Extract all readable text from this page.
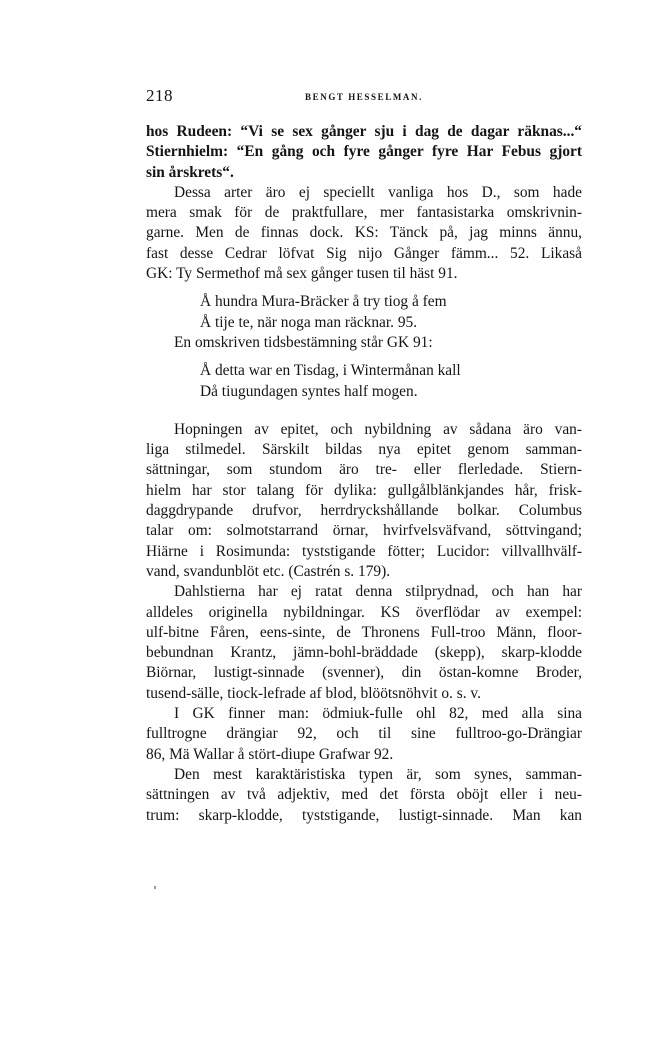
218	BENGT HESSELMAN.
hos Rudeen: “Vi se sex gånger sju i dag de dagar räknas...“
Stiernhielm: “En gång och fyre gånger fyre Har Febus gjort
sin årskrets“.
Dessa arter äro ej speciellt vanliga hos D., som hade
mera smak för de praktfullare, mer fantasistarka omskrivnin-
garne. Men de finnas dock. KS: Tänck på, jag minns ännu,
fast desse Cedrar löfvat Sig nijo Gånger fämm... 52. Likaså
GK: Ty Sermethof må sex gånger tusen til häst 91.
Å hundra Mura-Bräcker å try tiog å fem
Å tije te, när noga man räcknar. 95.
En omskriven tidsbestämning står GK 91:
Å detta war en Tisdag, i Wintermånan kall
Då tiugundagen syntes half mogen.
Hopningen av epitet, och nybildning av sådana äro van-
liga stilmedel. Särskilt bildas nya epitet genom samman-
sättningar, som stundom äro tre- eller flerledade. Stiern-
hielm har stor talang för dylika: gullgålblänkjandes hår, frisk-
daggdrypande drufvor, herrdryckshållande bolkar. Columbus
talar om: solmotstarrand örnar, hvirfvelsväfvand, söttvingand;
Hiärne i Rosimunda: tyststigande fötter; Lucidor: villvallhvälf-
vand, svandunblöt etc. (Castrén s. 179).
Dahlstierna har ej ratat denna stilprydnad, och han har
alldeles originella nybildningar. KS överflödar av exempel:
ulf-bitne Fåren, eens-sinte, de Thronens Full-troo Männ, floor-
bebundnan Krantz, jämn-bohl-bräddade (skepp), skarp-klodde
Biörnar, lustigt-sinnade (svenner), din östan-komne Broder,
tusend-sälle, tiock-lefrade af blod, blöötsnöhvit o. s. v.
I GK finner man: ödmiuk-fulle ohl 82, med alla sina
fulltrogne drängiar 92, och til sine fulltroo-go-Drängiar
86, Mä Wallar å stört-diupe Grafwar 92.
Den mest karaktäristiska typen är, som synes, samman-
sättningen av två adjektiv, med det första oböjt eller i neu-
trum: skarp-klodde, tyststigande, lustigt-sinnade. Man kan
